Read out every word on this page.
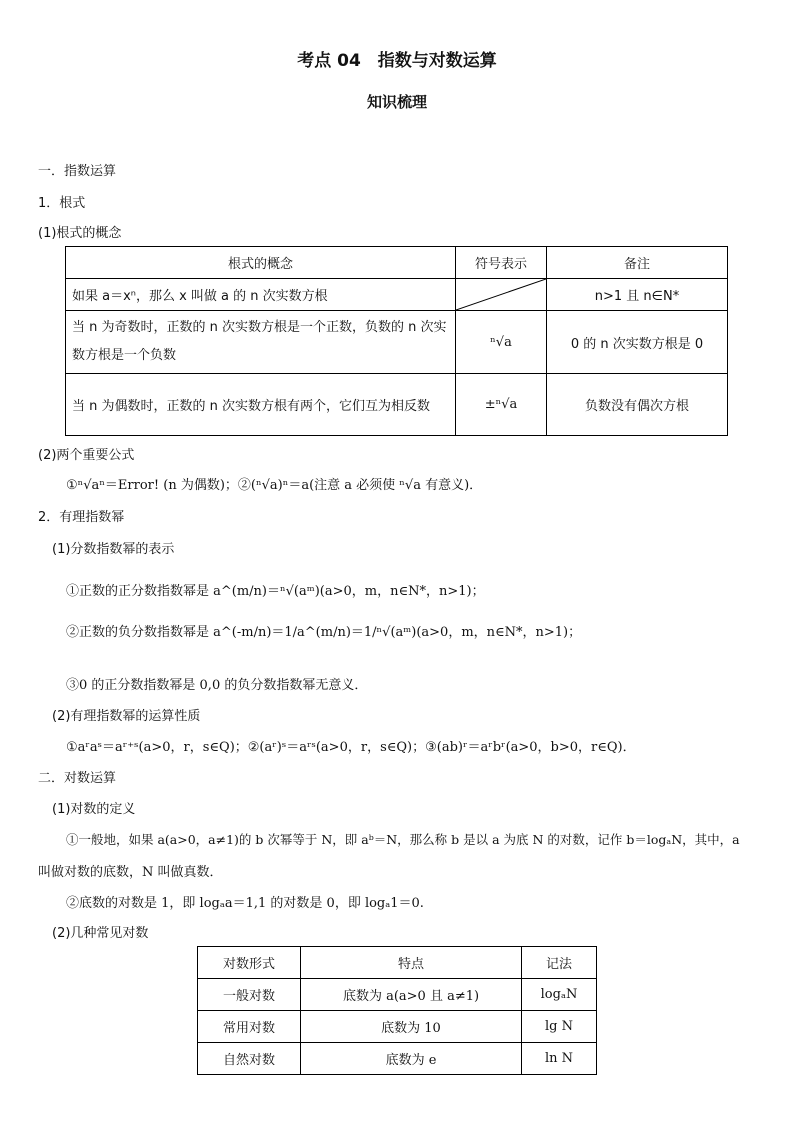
考点 04　指数与对数运算
知识梳理
一．指数运算
1．根式
(1)根式的概念
根式的概念	符号表示	备注
如果 a＝xⁿ，那么 x 叫做 a 的 n 次实数方根		n>1 且 n∈N*
当 n 为奇数时，正数的 n 次实数方根是一个正数，负数的 n 次实数方根是一个负数	ⁿ√a	0 的 n 次实数方根是 0
当 n 为偶数时，正数的 n 次实数方根有两个，它们互为相反数	±ⁿ√a	负数没有偶次方根
(2)两个重要公式
①ⁿ√aⁿ＝Error! (n 为偶数)；②(ⁿ√a)ⁿ＝a(注意 a 必须使 ⁿ√a 有意义)．
2．有理指数幂
(1)分数指数幂的表示
①正数的正分数指数幂是 a^(m/n)＝ⁿ√(aᵐ)(a>0，m，n∈N*，n>1)；
②正数的负分数指数幂是 a^(-m/n)＝1/a^(m/n)＝1/ⁿ√(aᵐ)(a>0，m，n∈N*，n>1)；
③0 的正分数指数幂是 0,0 的负分数指数幂无意义．
(2)有理指数幂的运算性质
①aʳaˢ＝aʳ⁺ˢ(a>0，r，s∈Q)；②(aʳ)ˢ＝aʳˢ(a>0，r，s∈Q)；③(ab)ʳ＝aʳbʳ(a>0，b>0，r∈Q)．
二．对数运算
(1)对数的定义
①一般地，如果 a(a>0，a≠1)的 b 次幂等于 N，即 aᵇ＝N，那么称 b 是以 a 为底 N 的对数，记作 b＝logₐN，其中，a
叫做对数的底数，N 叫做真数．
②底数的对数是 1，即 logₐa＝1,1 的对数是 0，即 logₐ1＝0.
(2)几种常见对数
对数形式	特点	记法
一般对数	底数为 a(a>0 且 a≠1)	logₐN
常用对数	底数为 10	lg N
自然对数	底数为 e	ln N
